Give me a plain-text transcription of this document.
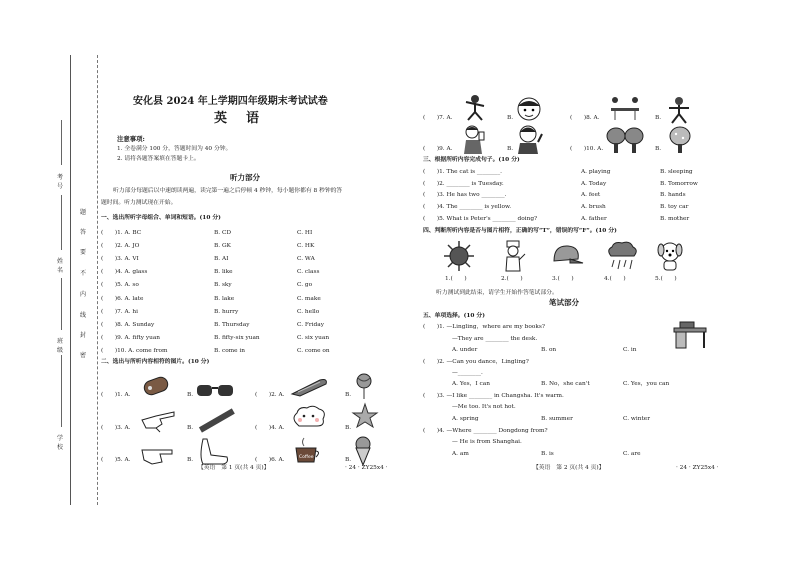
考号
姓名
班级
学校
题
答
要
不
内
线
封
密
安化县 2024 年上学期四年级期末考试试卷
英　语
注意事项:
1. 全卷满分 100 分，答题时间为 40 分钟。
2. 请将各题答案填在答题卡上。
听力部分
听力部分每题后以中速朗读两遍，读完第一遍之后停顿 4 秒钟，每小题你都有 8 秒钟的答
题时间。听力测试现在开始。
一、选出所听字母组合、单词和短语。(10 分)
(　　)1. A. BC	B. CD	C. HI
(　　)2. A. JO	B. GK	C. HK
(　　)3. A. VI	B. AI	C. WA
(　　)4. A. glass	B. like	C. class
(　　)5. A. so	B. sky	C. go
(　　)6. A. late	B. lake	C. make
(　　)7. A. hi	B. hurry	C. hello
(　　)8. A. Sunday	B. Thursday	C. Friday
(　　)9. A. fifty yuan	B. fifty-six yuan	C. six yuan
(　　)10. A. come from	B. come in	C. come on
二、选出与所听内容相符的图片。(10 分)
(　　)1. A.	B.	(　　)2. A.	B.
(　　)3. A.	B.	(　　)4. A.	B.
(　　)5. A.	B.	(　　)6. A.	B.
Coffee
【英语　第 1 页(共 4 页)】	· 24 · ZY25x4 ·
(　　)7. A.	B.	(　　)8. A.	B.
(　　)9. A.	B.	(　　)10. A.	B.
三、根据所听内容完成句子。(10 分)
(　　)1. The cat is ________.	A. playing	B. sleeping
(　　)2. ________ is Tuesday.	A. Today	B. Tomorrow
(　　)3. He has two ________.	A. feet	B. hands
(　　)4. The ________ is yellow.	A. brush	B. toy car
(　　)5. What is Peter's ________ doing?	A. father	B. mother
四、判断所听内容是否与图片相符，正确的写“T”，错误的写“F”。(10 分)
1.(　　)	2.(　　)	3.(　　)	4.(　　)	5.(　　)
听力测试到此结束，请学生开始作答笔试部分。
笔试部分
五、单项选择。(10 分)
(　　)1. —Lingling，where are my books?
—They are ________ the desk.
A. under	B. on	C. in
(　　)2. —Can you dance，Lingling?
—________.
A. Yes，I can	B. No，she can't	C. Yes，you can
(　　)3. —I like ________ in Changsha. It's warm.
—Me too. It's not hot.
A. spring	B. summer	C. winter
(　　)4. —Where ________ Dongdong from?
— He is from Shanghai.
A. am	B. is	C. are
【英语　第 2 页(共 4 页)】	· 24 · ZY25x4 ·
